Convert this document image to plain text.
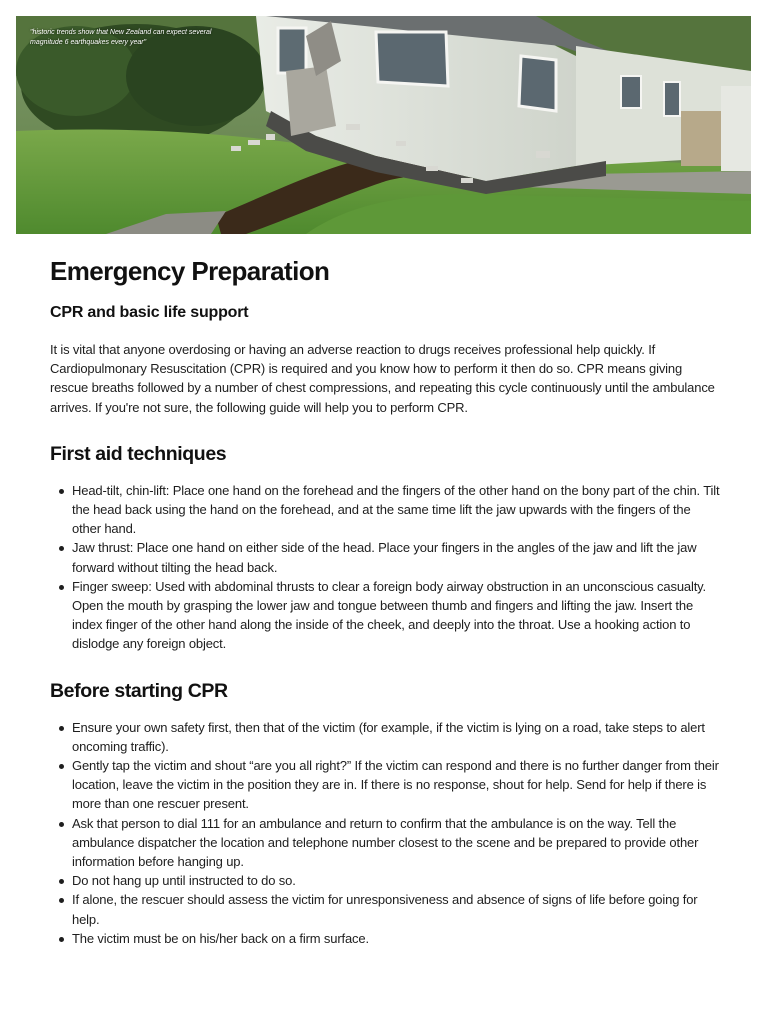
"historic trends show that New Zealand can expect several magnitude 6 earthquakes every year"
Emergency Preparation
CPR and basic life support

It is vital that anyone overdosing or having an adverse reaction to drugs receives professional help quickly. If Cardiopulmonary Resuscitation (CPR) is required and you know how to perform it then do so. CPR means giving rescue breaths followed by a number of chest compressions, and repeating this cycle continuously until the ambulance arrives. If you're not sure, the following guide will help you to perform CPR.

First aid techniques
Head-tilt, chin-lift: Place one hand on the forehead and the fingers of the other hand on the bony part of the chin. Tilt the head back using the hand on the forehead, and at the same time lift the jaw upwards with the fingers of the other hand.
Jaw thrust: Place one hand on either side of the head. Place your fingers in the angles of the jaw and lift the jaw forward without tilting the head back.
Finger sweep: Used with abdominal thrusts to clear a foreign body airway obstruction in an unconscious casualty. Open the mouth by grasping the lower jaw and tongue between thumb and fingers and lifting the jaw. Insert the index finger of the other hand along the inside of the cheek, and deeply into the throat. Use a hooking action to dislodge any foreign object.
Before starting CPR
Ensure your own safety first, then that of the victim (for example, if the victim is lying on a road, take steps to alert oncoming traffic).
Gently tap the victim and shout “are you all right?” If the victim can respond and there is no further danger from their location, leave the victim in the position they are in. If there is no response, shout for help. Send for help if there is more than one rescuer present.
Ask that person to dial 111 for an ambulance and return to confirm that the ambulance is on the way. Tell the ambulance dispatcher the location and telephone number closest to the scene and be prepared to provide other information before hanging up.
Do not hang up until instructed to do so.
If alone, the rescuer should assess the victim for unresponsiveness and absence of signs of life before going for help.
The victim must be on his/her back on a firm surface.
